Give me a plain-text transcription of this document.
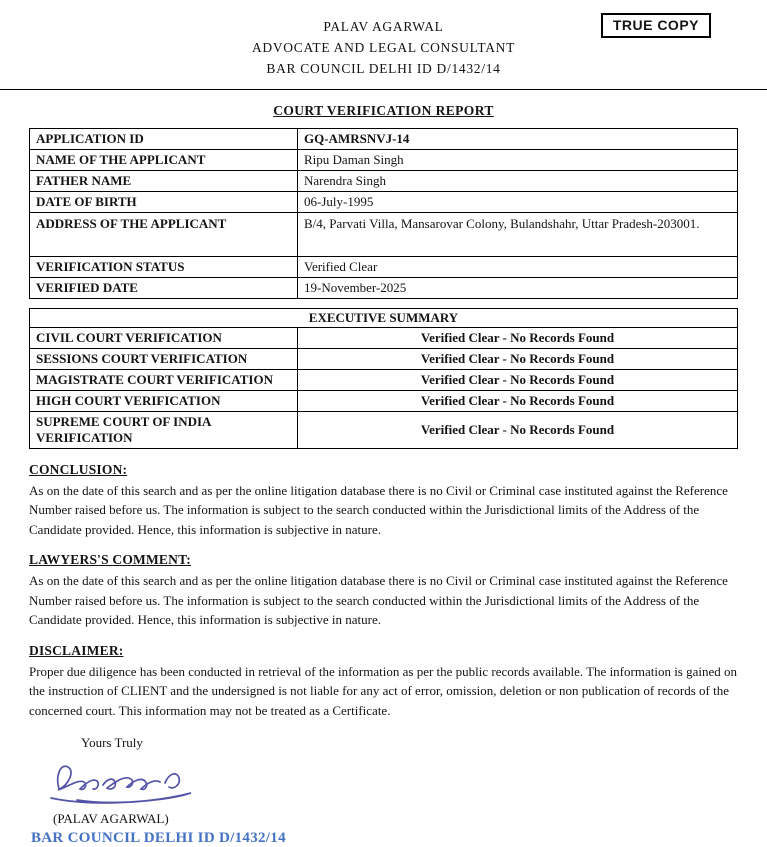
TRUE COPY
PALAV AGARWAL
ADVOCATE AND LEGAL CONSULTANT
BAR COUNCIL DELHI ID D/1432/14
COURT VERIFICATION REPORT
APPLICATION ID	GQ-AMRSNVJ-14
NAME OF THE APPLICANT	Ripu Daman Singh
FATHER NAME	Narendra Singh
DATE OF BIRTH	06-July-1995
ADDRESS OF THE APPLICANT	B/4, Parvati Villa, Mansarovar Colony, Bulandshahr, Uttar Pradesh-203001.
VERIFICATION STATUS	Verified Clear
VERIFIED DATE	19-November-2025
EXECUTIVE SUMMARY	
CIVIL COURT VERIFICATION	Verified Clear - No Records Found
SESSIONS COURT VERIFICATION	Verified Clear - No Records Found
MAGISTRATE COURT VERIFICATION	Verified Clear - No Records Found
HIGH COURT VERIFICATION	Verified Clear - No Records Found
SUPREME COURT OF INDIA VERIFICATION	Verified Clear - No Records Found
CONCLUSION:
As on the date of this search and as per the online litigation database there is no Civil or Criminal case instituted against the Reference Number raised before us. The information is subject to the search conducted within the Jurisdictional limits of the Address of the Candidate provided. Hence, this information is subjective in nature.
LAWYERS'S COMMENT:
As on the date of this search and as per the online litigation database there is no Civil or Criminal case instituted against the Reference Number raised before us. The information is subject to the search conducted within the Jurisdictional limits of the Address of the Candidate provided. Hence, this information is subjective in nature.
DISCLAIMER:
Proper due diligence has been conducted in retrieval of the information as per the public records available. The information is gained on the instruction of CLIENT and the undersigned is not liable for any act of error, omission, deletion or non publication of records of the concerned court. This information may not be treated as a Certificate.
Yours Truly
(PALAV AGARWAL)
BAR COUNCIL DELHI ID D/1432/14
